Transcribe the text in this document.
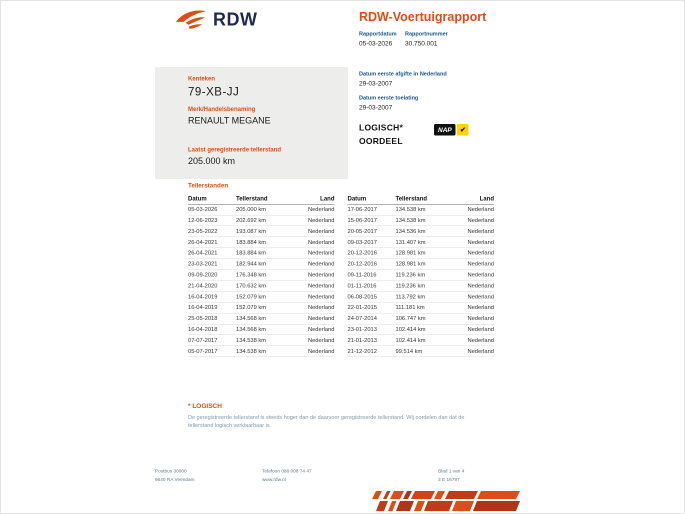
RDW	RDW-Voertuigrapport
Rapportdatum
05-03-2026
Rapportnummer
30.750.001
Kenteken
79-XB-JJ
Merk/Handelsbenaming
RENAULT MEGANE
Laatst geregistreerde tellerstand
205.000 km
Datum eerste afgifte in Nederland
29-03-2007
Datum eerste toelating
29-03-2007
LOGISCH*
OORDEEL
NAP ✔
Tellerstanden
Datum	Tellerstand	Land
05-03-2026	205.000 km	Nederland
12-06-2023	202.692 km	Nederland
23-05-2022	193.087 km	Nederland
26-04-2021	183.884 km	Nederland
26-04-2021	183.884 km	Nederland
23-03-2021	182.944 km	Nederland
09-09-2020	176.348 km	Nederland
21-04-2020	170.632 km	Nederland
16-04-2019	152.079 km	Nederland
16-04-2019	152.079 km	Nederland
25-05-2018	134.568 km	Nederland
16-04-2018	134.568 km	Nederland
07-07-2017	134.538 km	Nederland
05-07-2017	134.538 km	Nederland
Datum	Tellerstand	Land
17-06-2017	134.538 km	Nederland
15-06-2017	134.538 km	Nederland
20-05-2017	134.536 km	Nederland
09-03-2017	131.407 km	Nederland
20-12-2016	128.981 km	Nederland
20-12-2016	128.981 km	Nederland
09-11-2016	119.236 km	Nederland
01-11-2016	119.236 km	Nederland
06-08-2015	113.792 km	Nederland
22-01-2015	111.181 km	Nederland
24-07-2014	106.747 km	Nederland
23-01-2013	102.414 km	Nederland
21-01-2013	102.414 km	Nederland
21-12-2012	99.514 km	Nederland
* LOGISCH
De geregistreerde tellerstand is steeds hoger dan de daarvoor geregistreerde tellerstand. Wij oordelen dan dat de
tellerstand logisch verklaarbaar is.
Postbus 30000
9640 RA Veendam
Telefoon 088 008 74 47
www.rdw.nl
Blad 1 van 4
3 E 16797
